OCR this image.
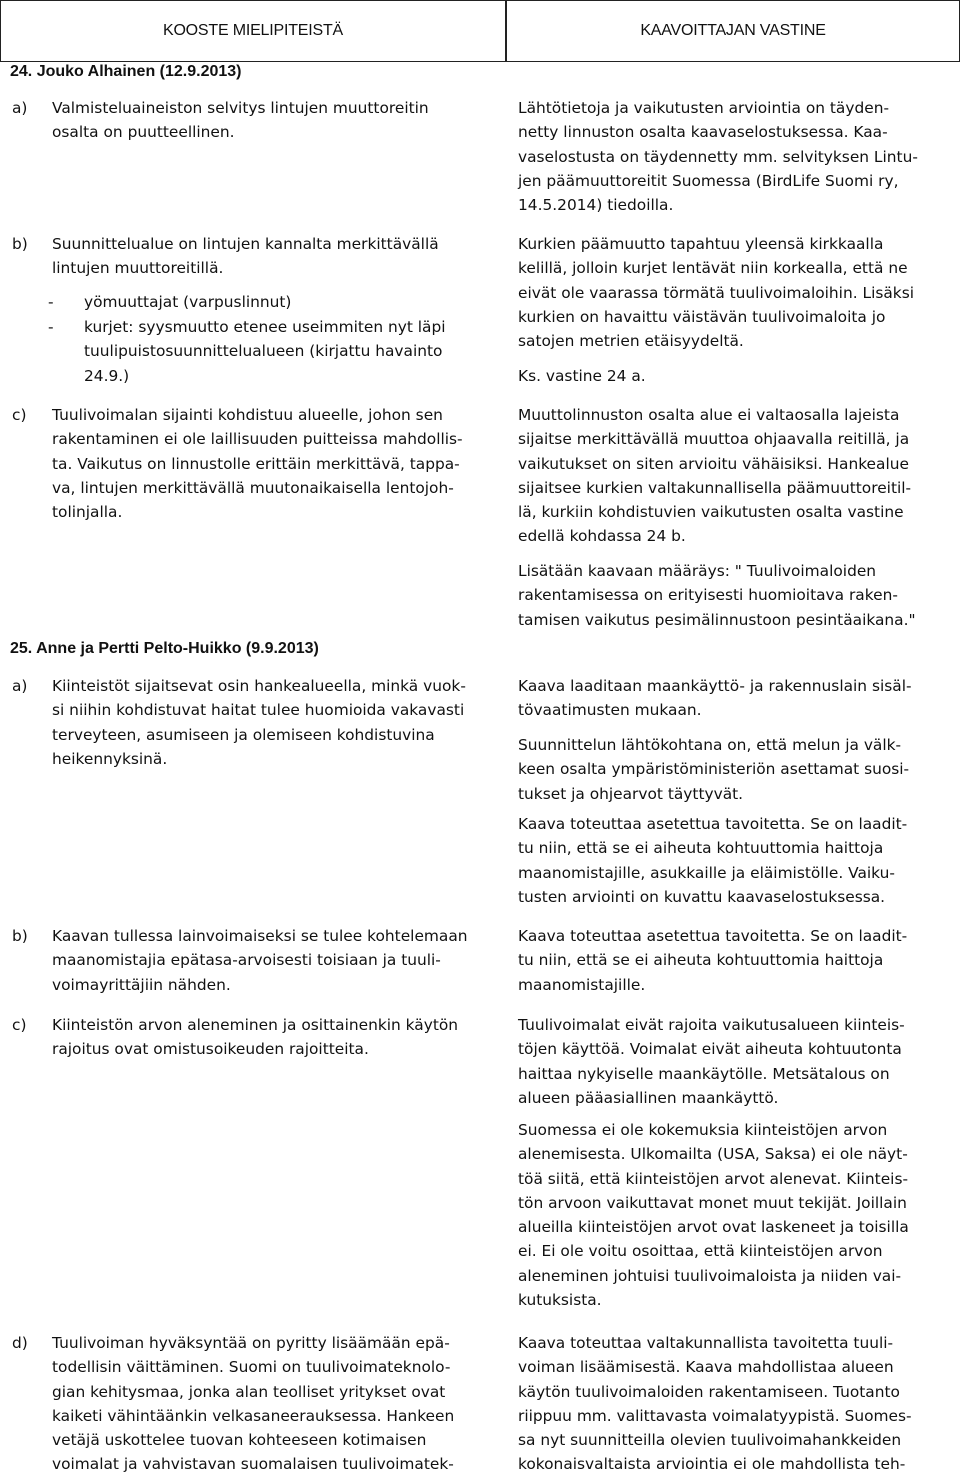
KOOSTE MIELIPITEISTÄ	KAAVOITTAJAN VASTINE
24. Jouko Alhainen (12.9.2013)
a) Valmisteluaineiston selvitys lintujen muuttoreitin
osalta on puutteellinen.
b) Suunnittelualue on lintujen kannalta merkittävällä
lintujen muuttoreitillä.
- yömuuttajat (varpuslinnut)
- kurjet: syysmuutto etenee useimmiten nyt läpi
tuulipuistosuunnittelualueen (kirjattu havainto
24.9.)
c) Tuulivoimalan sijainti kohdistuu alueelle, johon sen
rakentaminen ei ole laillisuuden puitteissa mahdollis-
ta. Vaikutus on linnustolle erittäin merkittävä, tappa-
va, lintujen merkittävällä muutonaikaisella lentojoh-
tolinjalla.
Lähtötietoja ja vaikutusten arviointia on täyden-
netty linnuston osalta kaavaselostuksessa. Kaa-
vaselostusta on täydennetty mm. selvityksen Lintu-
jen päämuuttoreitit Suomessa (BirdLife Suomi ry,
14.5.2014) tiedoilla.
Kurkien päämuutto tapahtuu yleensä kirkkaalla
kelillä, jolloin kurjet lentävät niin korkealla, että ne
eivät ole vaarassa törmätä tuulivoimaloihin. Lisäksi
kurkien on havaittu väistävän tuulivoimaloita jo
satojen metrien etäisyydeltä.
Ks. vastine 24 a.
Muuttolinnuston osalta alue ei valtaosalla lajeista
sijaitse merkittävällä muuttoa ohjaavalla reitillä, ja
vaikutukset on siten arvioitu vähäisiksi. Hankealue
sijaitsee kurkien valtakunnallisella päämuuttoreitil-
lä, kurkiin kohdistuvien vaikutusten osalta vastine
edellä kohdassa 24 b.
Lisätään kaavaan määräys: " Tuulivoimaloiden
rakentamisessa on erityisesti huomioitava raken-
tamisen vaikutus pesimälinnustoon pesintäaikana."
25. Anne ja Pertti Pelto-Huikko (9.9.2013)
a) Kiinteistöt sijaitsevat osin hankealueella, minkä vuok-
si niihin kohdistuvat haitat tulee huomioida vakavasti
terveyteen, asumiseen ja olemiseen kohdistuvina
heikennyksinä.
b) Kaavan tullessa lainvoimaiseksi se tulee kohtelemaan
maanomistajia epätasa-arvoisesti toisiaan ja tuuli-
voimayrittäjiin nähden.
c) Kiinteistön arvon aleneminen ja osittainenkin käytön
rajoitus ovat omistusoikeuden rajoitteita.
d) Tuulivoiman hyväksyntää on pyritty lisäämään epä-
todellisin väittäminen. Suomi on tuulivoimateknolo-
gian kehitysmaa, jonka alan teolliset yritykset ovat
kaiketi vähintäänkin velkasaneerauksessa. Hankeen
vetäjä uskottelee tuovan kohteeseen kotimaisen
voimalat ja vahvistavan suomalaisen tuulivoimatek-
Kaava laaditaan maankäyttö- ja rakennuslain sisäl-
tövaatimusten mukaan.
Suunnittelun lähtökohtana on, että melun ja välk-
keen osalta ympäristöministeriön asettamat suosi-
tukset ja ohjearvot täyttyvät.
Kaava toteuttaa asetettua tavoitetta. Se on laadit-
tu niin, että se ei aiheuta kohtuuttomia haittoja
maanomistajille, asukkaille ja eläimistölle. Vaiku-
tusten arviointi on kuvattu kaavaselostuksessa.
Kaava toteuttaa asetettua tavoitetta. Se on laadit-
tu niin, että se ei aiheuta kohtuuttomia haittoja
maanomistajille.
Tuulivoimalat eivät rajoita vaikutusalueen kiinteis-
töjen käyttöä. Voimalat eivät aiheuta kohtuutonta
haittaa nykyiselle maankäytölle. Metsätalous on
alueen pääasiallinen maankäyttö.
Suomessa ei ole kokemuksia kiinteistöjen arvon
alenemisesta. Ulkomailta (USA, Saksa) ei ole näyt-
töä siitä, että kiinteistöjen arvot alenevat. Kiinteis-
tön arvoon vaikuttavat monet muut tekijät. Joillain
alueilla kiinteistöjen arvot ovat laskeneet ja toisilla
ei. Ei ole voitu osoittaa, että kiinteistöjen arvon
aleneminen johtuisi tuulivoimaloista ja niiden vai-
kutuksista.
Kaava toteuttaa valtakunnallista tavoitetta tuuli-
voiman lisäämisestä. Kaava mahdollistaa alueen
käytön tuulivoimaloiden rakentamiseen. Tuotanto
riippuu mm. valittavasta voimalatyypistä. Suomes-
sa nyt suunnitteilla olevien tuulivoimahankkeiden
kokonaisvaltaista arviointia ei ole mahdollista teh-
